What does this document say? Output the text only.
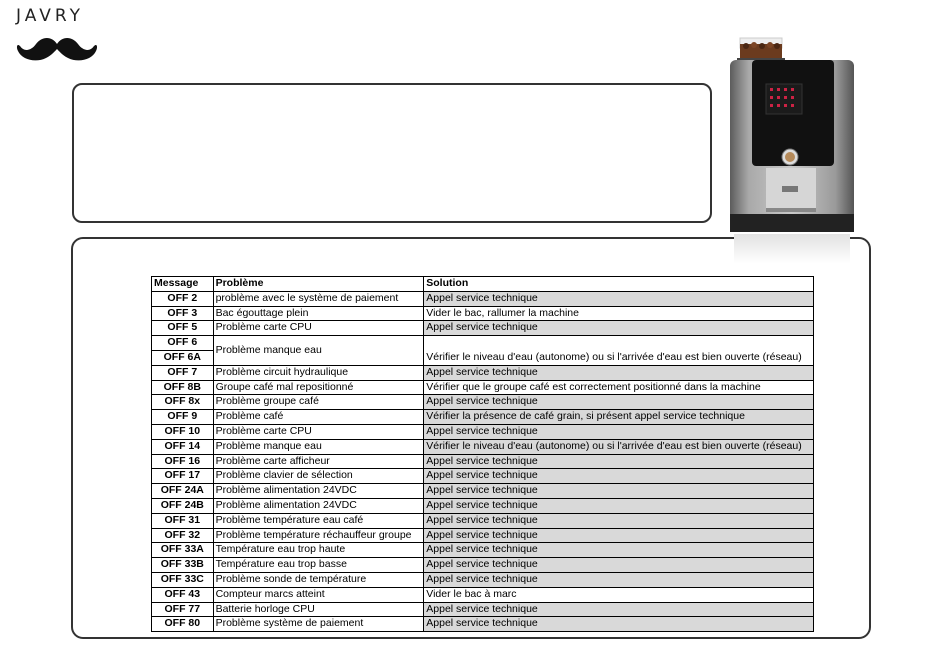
JAVRY
Message	Problème	Solution
OFF 2	problème avec le système de paiement	Appel service technique
OFF 3	Bac égouttage plein	Vider le bac, rallumer la machine
OFF 5	Problème carte CPU	Appel service technique
OFF 6	Problème manque eau	Vérifier le niveau d'eau (autonome) ou si l'arrivée d'eau est bien ouverte (réseau)
OFF 6A		
OFF 7	Problème circuit hydraulique	Appel service technique
OFF 8B	Groupe café mal repositionné	Vérifier que le groupe café est correctement positionné dans la machine
OFF 8x	Problème groupe café	Appel service technique
OFF 9	Problème café	Vérifier la présence de café grain, si présent appel service technique
OFF 10	Problème carte CPU	Appel service technique
OFF 14	Problème manque eau	Vérifier le niveau d'eau (autonome) ou si l'arrivée d'eau est bien ouverte (réseau)
OFF 16	Problème carte afficheur	Appel service technique
OFF 17	Problème clavier de sélection	Appel service technique
OFF 24A	Problème alimentation 24VDC	Appel service technique
OFF 24B	Problème alimentation 24VDC	Appel service technique
OFF 31	Problème température eau café	Appel service technique
OFF 32	Problème température réchauffeur groupe	Appel service technique
OFF 33A	Température eau trop haute	Appel service technique
OFF 33B	Température eau trop basse	Appel service technique
OFF 33C	Problème sonde de température	Appel service technique
OFF 43	Compteur marcs atteint	Vider le bac à marc
OFF 77	Batterie horloge CPU	Appel service technique
OFF 80	Problème système de paiement	Appel service technique
